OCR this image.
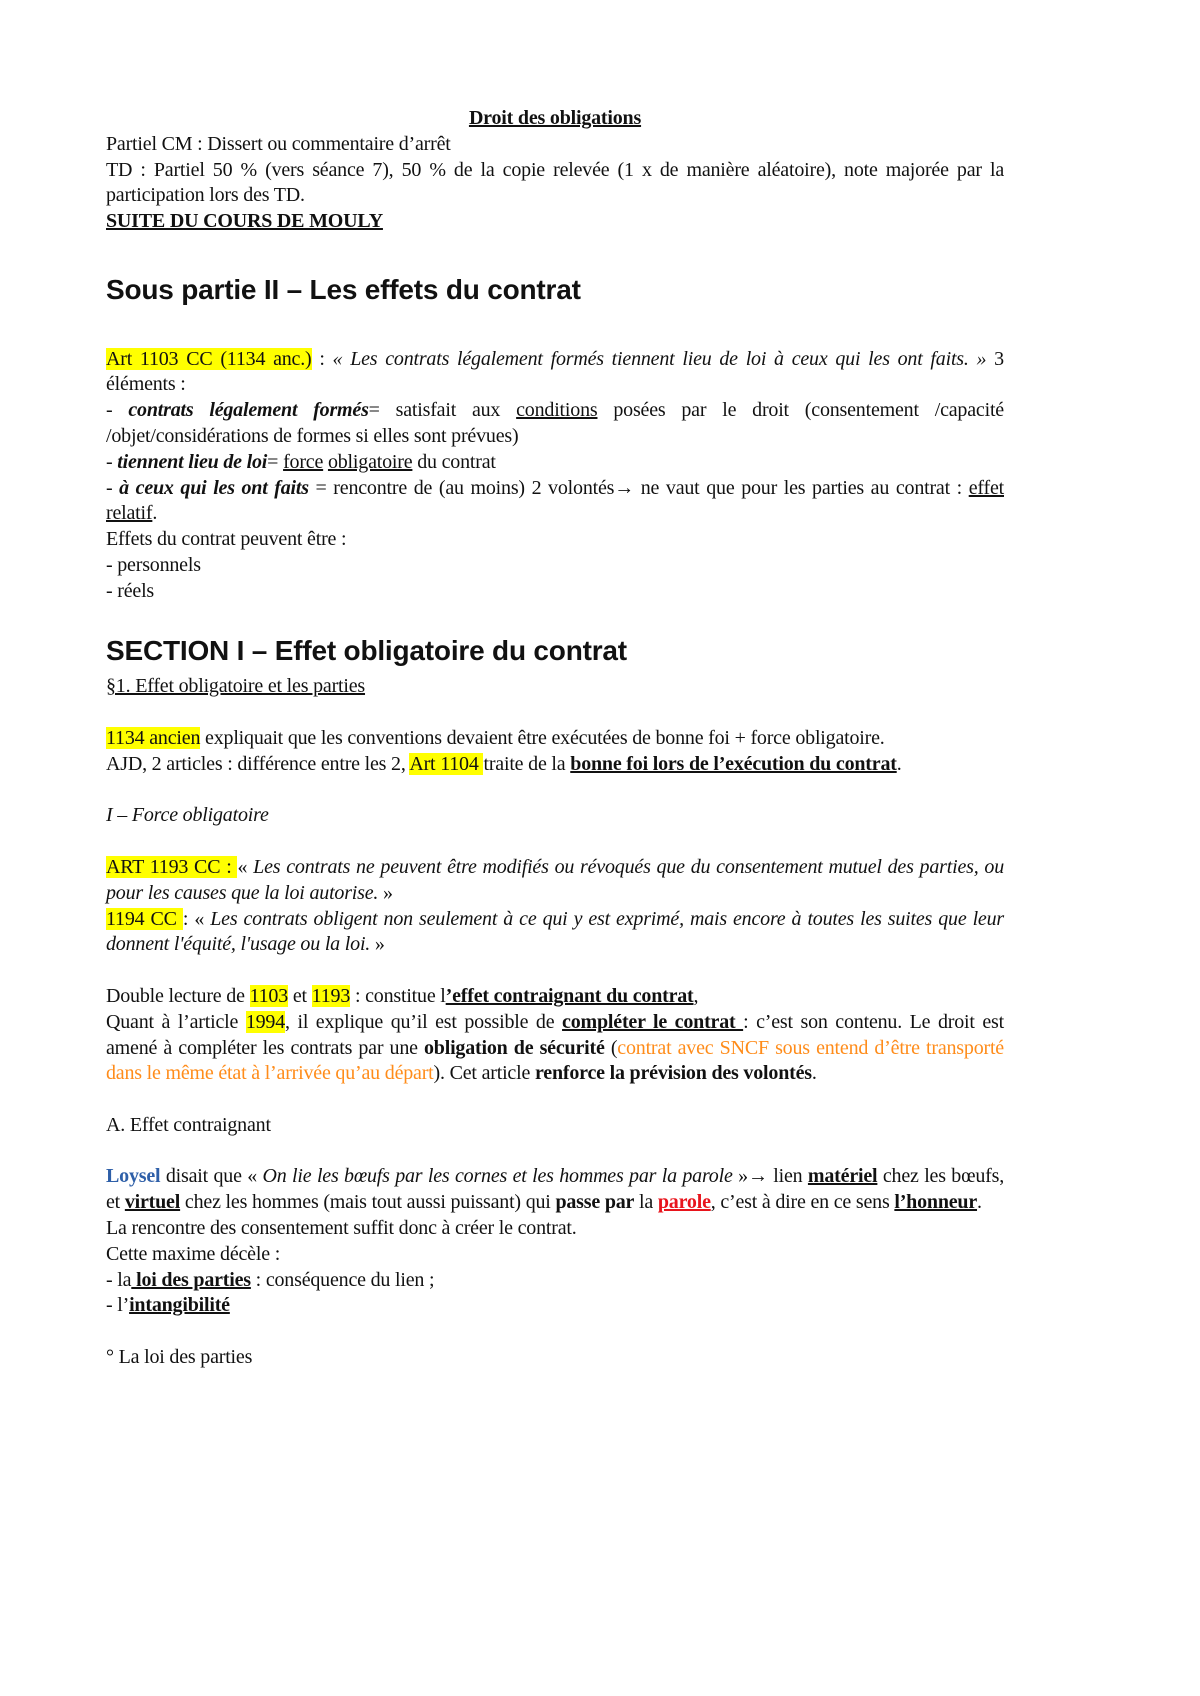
Droit des obligations
Partiel CM : Dissert ou commentaire d’arrêt
TD : Partiel 50 % (vers séance 7), 50 % de la copie relevée (1 x de manière aléatoire), note majorée par la participation lors des TD.
SUITE DU COURS DE MOULY
Sous partie II – Les effets du contrat
Art 1103 CC (1134 anc.) : « Les contrats légalement formés tiennent lieu de loi à ceux qui les ont faits. » 3 éléments :
- contrats légalement formés= satisfait aux conditions posées par le droit (consentement /capacité /objet/considérations de formes si elles sont prévues)
- tiennent lieu de loi= force obligatoire du contrat
- à ceux qui les ont faits = rencontre de (au moins) 2 volontés→ ne vaut que pour les parties au contrat : effet relatif.
Effets du contrat peuvent être :
- personnels
- réels
SECTION I – Effet obligatoire du contrat
§1. Effet obligatoire et les parties
1134 ancien expliquait que les conventions devaient être exécutées de bonne foi + force obligatoire.
AJD, 2 articles : différence entre les 2, Art 1104 traite de la bonne foi lors de l’exécution du contrat.
I – Force obligatoire
ART 1193 CC : « Les contrats ne peuvent être modifiés ou révoqués que du consentement mutuel des parties, ou pour les causes que la loi autorise. »
1194 CC : « Les contrats obligent non seulement à ce qui y est exprimé, mais encore à toutes les suites que leur donnent l'équité, l'usage ou la loi. »
Double lecture de 1103 et 1193 : constitue l’effet contraignant du contrat,
Quant à l’article 1994, il explique qu’il est possible de compléter le contrat : c’est son contenu. Le droit est amené à compléter les contrats par une obligation de sécurité (contrat avec SNCF sous entend d’être transporté dans le même état à l’arrivée qu’au départ). Cet article renforce la prévision des volontés.
A. Effet contraignant
Loysel disait que « On lie les bœufs par les cornes et les hommes par la parole »→ lien matériel chez les bœufs, et virtuel chez les hommes (mais tout aussi puissant) qui passe par la parole, c’est à dire en ce sens l’honneur.
La rencontre des consentement suffit donc à créer le contrat.
Cette maxime décèle :
- la loi des parties : conséquence du lien ;
- l’intangibilité
° La loi des parties
